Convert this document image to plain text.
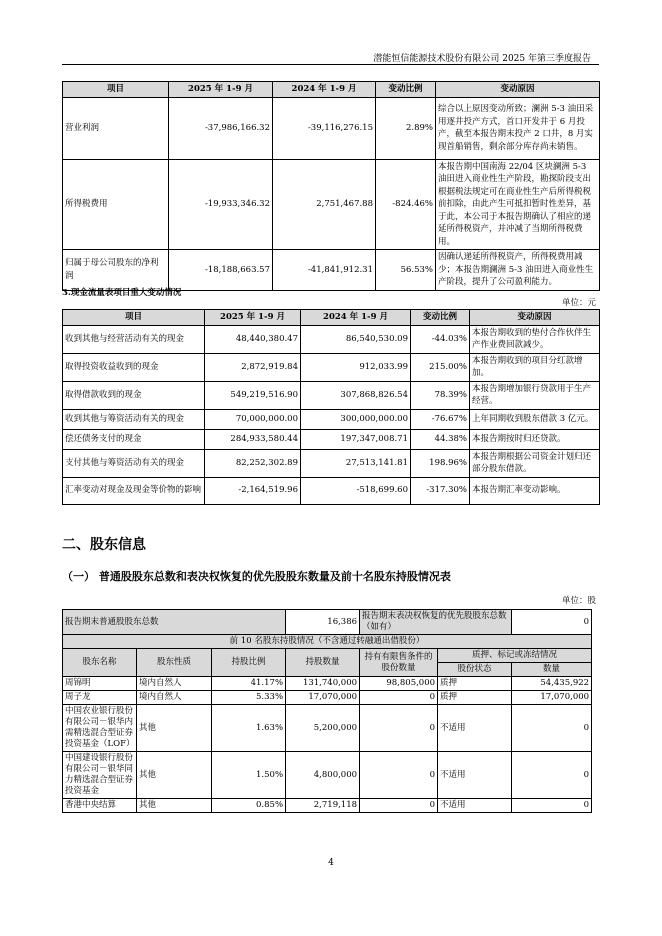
潜能恒信能源技术股份有限公司 2025 年第三季度报告
项目	2025 年 1-9 月	2024 年 1-9 月	变动比例	变动原因
营业利润	-37,986,166.32	-39,116,276.15	2.89%	综合以上原因变动所致；澜洲 5-3 油田采用逐井投产方式，首口开发井于 6 月投产，截至本报告期末投产 2 口井，8 月实现首船销售，剩余部分库存尚未销售。
所得税费用	-19,933,346.32	2,751,467.88	-824.46%	本报告期中国南海 22/04 区块澜洲 5-3 油田进入商业性生产阶段，勘探阶段支出根据税法规定可在商业性生产后所得税税前扣除，由此产生可抵扣暂时性差异，基于此，本公司于本报告期确认了相应的递延所得税资产，并冲减了当期所得税费用。
归属于母公司股东的净利润	-18,188,663.57	-41,841,912.31	56.53%	因确认递延所得税资产，所得税费用减少；本报告期澜洲 5-3 油田进入商业性生产阶段，提升了公司盈利能力。
3.现金流量表项目重大变动情况
单位：元
项目	2025 年 1-9 月	2024 年 1-9 月	变动比例	变动原因
收到其他与经营活动有关的现金	48,440,380.47	86,540,530.09	-44.03%	本报告期收到的垫付合作伙伴生产作业费回款减少。
取得投资收益收到的现金	2,872,919.84	912,033.99	215.00%	本报告期收到的项目分红款增加。
取得借款收到的现金	549,219,516.90	307,868,826.54	78.39%	本报告期增加银行贷款用于生产经营。
收到其他与筹资活动有关的现金	70,000,000.00	300,000,000.00	-76.67%	上年同期收到股东借款 3 亿元。
偿还债务支付的现金	284,933,580.44	197,347,008.71	44.38%	本报告期按时归还贷款。
支付其他与筹资活动有关的现金	82,252,302.89	27,513,141.81	198.96%	本报告期根据公司资金计划归还部分股东借款。
汇率变动对现金及现金等价物的影响	-2,164,519.96	-518,699.60	-317.30%	本报告期汇率变动影响。
二、股东信息
（一） 普通股股东总数和表决权恢复的优先股股东数量及前十名股东持股情况表
单位：股
报告期末普通股股东总数			16,386	报告期末表决权恢复的优先股股东总数（如有）		0
前 10 名股东持股情况（不含通过转融通出借股份）						
股东名称	股东性质	持股比例	持股数量	持有有限售条件的股份数量	质押、标记或冻结情况	
					股份状态	数量
周锦明	境内自然人	41.17%	131,740,000	98,805,000	质押	54,435,922
周子龙	境内自然人	5.33%	17,070,000	0	质押	17,070,000
中国农业银行股份有限公司－银华内需精选混合型证券投资基金（LOF）	其他	1.63%	5,200,000	0	不适用	0
中国建设银行股份有限公司－银华同力精选混合型证券投资基金	其他	1.50%	4,800,000	0	不适用	0
香港中央结算	其他	0.85%	2,719,118	0	不适用	0
4
